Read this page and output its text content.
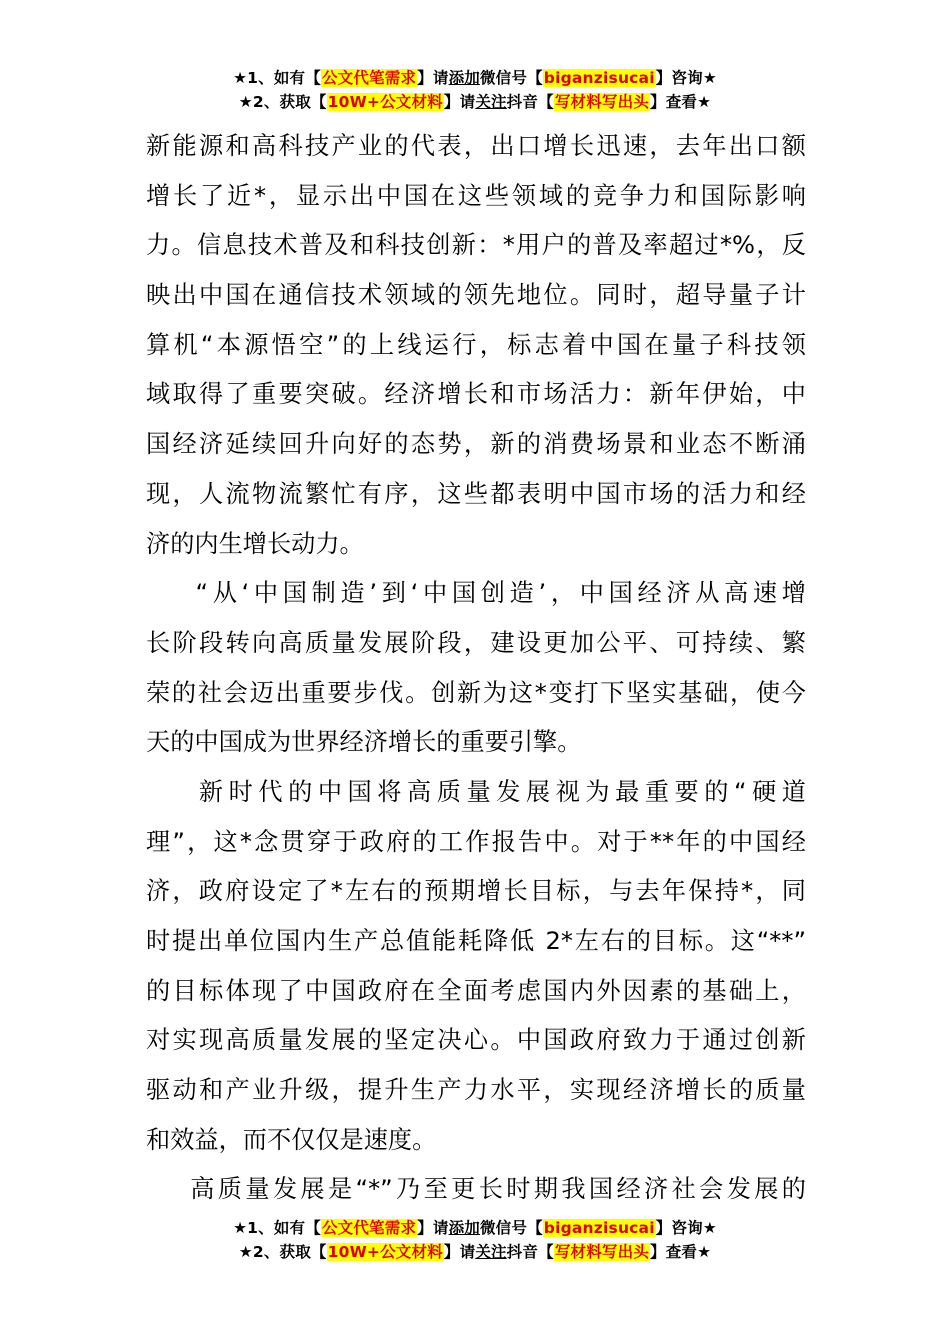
★1、如有【公文代笔需求】请添加微信号【biganzisucai】咨询★
★2、获取【10W+公文材料】请关注抖音【写材料写出头】查看★
新能源和高科技产业的代表，出口增长迅速，去年出口额
增长了近*，显示出中国在这些领域的竞争力和国际影响
力。信息技术普及和科技创新：*用户的普及率超过*%，反
映出中国在通信技术领域的领先地位。同时，超导量子计
算机“本源悟空”的上线运行，标志着中国在量子科技领
域取得了重要突破。经济增长和市场活力：新年伊始，中
国经济延续回升向好的态势，新的消费场景和业态不断涌
现，人流物流繁忙有序，这些都表明中国市场的活力和经
济的内生增长动力。
“从‘中国制造’到‘中国创造’，中国经济从高速增
长阶段转向高质量发展阶段，建设更加公平、可持续、繁
荣的社会迈出重要步伐。创新为这*变打下坚实基础，使今
天的中国成为世界经济增长的重要引擎。
新时代的中国将高质量发展视为最重要的“硬道
理”，这*念贯穿于政府的工作报告中。对于**年的中国经
济，政府设定了*左右的预期增长目标，与去年保持*，同
时提出单位国内生产总值能耗降低 2*左右的目标。这“**”
的目标体现了中国政府在全面考虑国内外因素的基础上，
对实现高质量发展的坚定决心。中国政府致力于通过创新
驱动和产业升级，提升生产力水平，实现经济增长的质量
和效益，而不仅仅是速度。
高质量发展是“*”乃至更长时期我国经济社会发展的
★1、如有【公文代笔需求】请添加微信号【biganzisucai】咨询★
★2、获取【10W+公文材料】请关注抖音【写材料写出头】查看★
